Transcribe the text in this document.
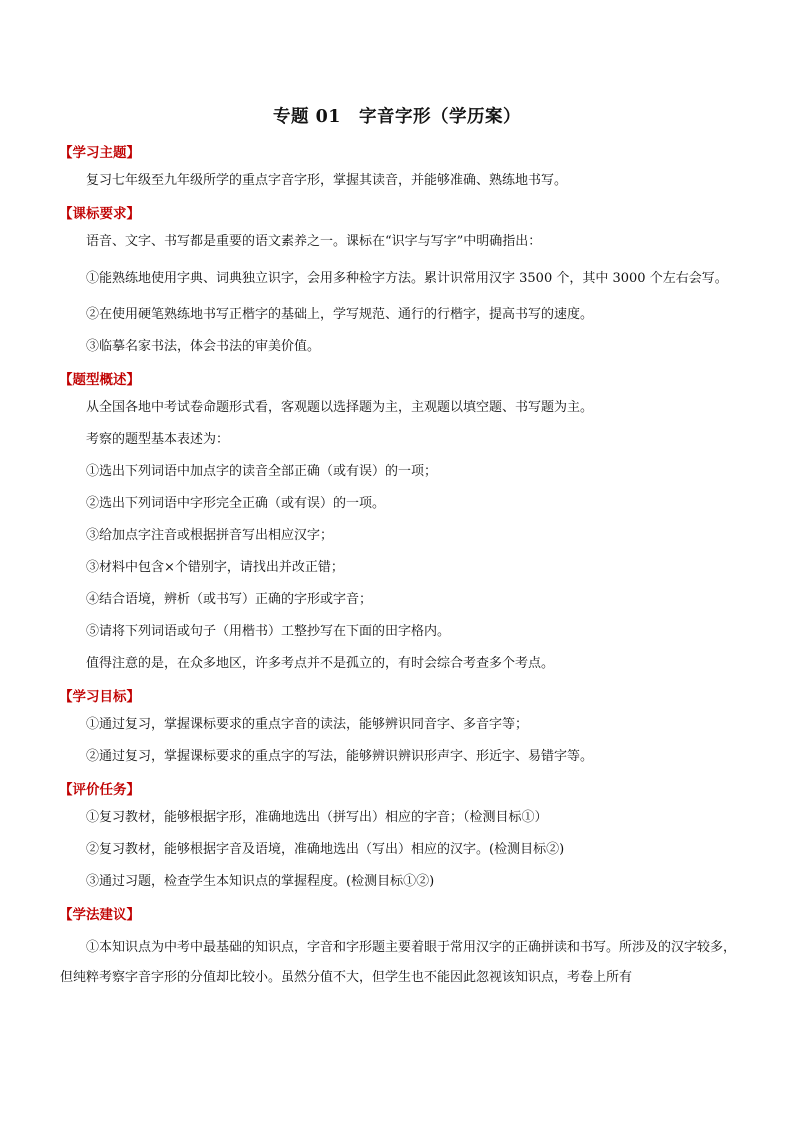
专题 01　字音字形（学历案）
【学习主题】

复习七年级至九年级所学的重点字音字形，掌握其读音，并能够准确、熟练地书写。

【课标要求】

语音、文字、书写都是重要的语文素养之一。课标在“识字与写字”中明确指出：

①能熟练地使用字典、词典独立识字，会用多种检字方法。累计识常用汉字 3500 个，其中 3000 个左右会写。

②在使用硬笔熟练地书写正楷字的基础上，学写规范、通行的行楷字，提高书写的速度。

③临摹名家书法，体会书法的审美价值。

【题型概述】

从全国各地中考试卷命题形式看，客观题以选择题为主，主观题以填空题、书写题为主。

考察的题型基本表述为：

①选出下列词语中加点字的读音全部正确（或有误）的一项；

②选出下列词语中字形完全正确（或有误）的一项。

③给加点字注音或根据拼音写出相应汉字；

③材料中包含×个错别字，请找出并改正错；

④结合语境，辨析（或书写）正确的字形或字音；

⑤请将下列词语或句子（用楷书）工整抄写在下面的田字格内。

值得注意的是，在众多地区，许多考点并不是孤立的，有时会综合考查多个考点。

【学习目标】

①通过复习，掌握课标要求的重点字音的读法，能够辨识同音字、多音字等；

②通过复习，掌握课标要求的重点字的写法，能够辨识辨识形声字、形近字、易错字等。

【评价任务】

①复习教材，能够根据字形，准确地选出（拼写出）相应的字音；（检测目标①）

②复习教材，能够根据字音及语境，准确地选出（写出）相应的汉字。(检测目标②)

③通过习题，检查学生本知识点的掌握程度。(检测目标①②)

【学法建议】

①本知识点为中考中最基础的知识点，字音和字形题主要着眼于常用汉字的正确拼读和书写。所涉及的汉字较多，但纯粹考察字音字形的分值却比较小。虽然分值不大，但学生也不能因此忽视该知识点，考卷上所有
